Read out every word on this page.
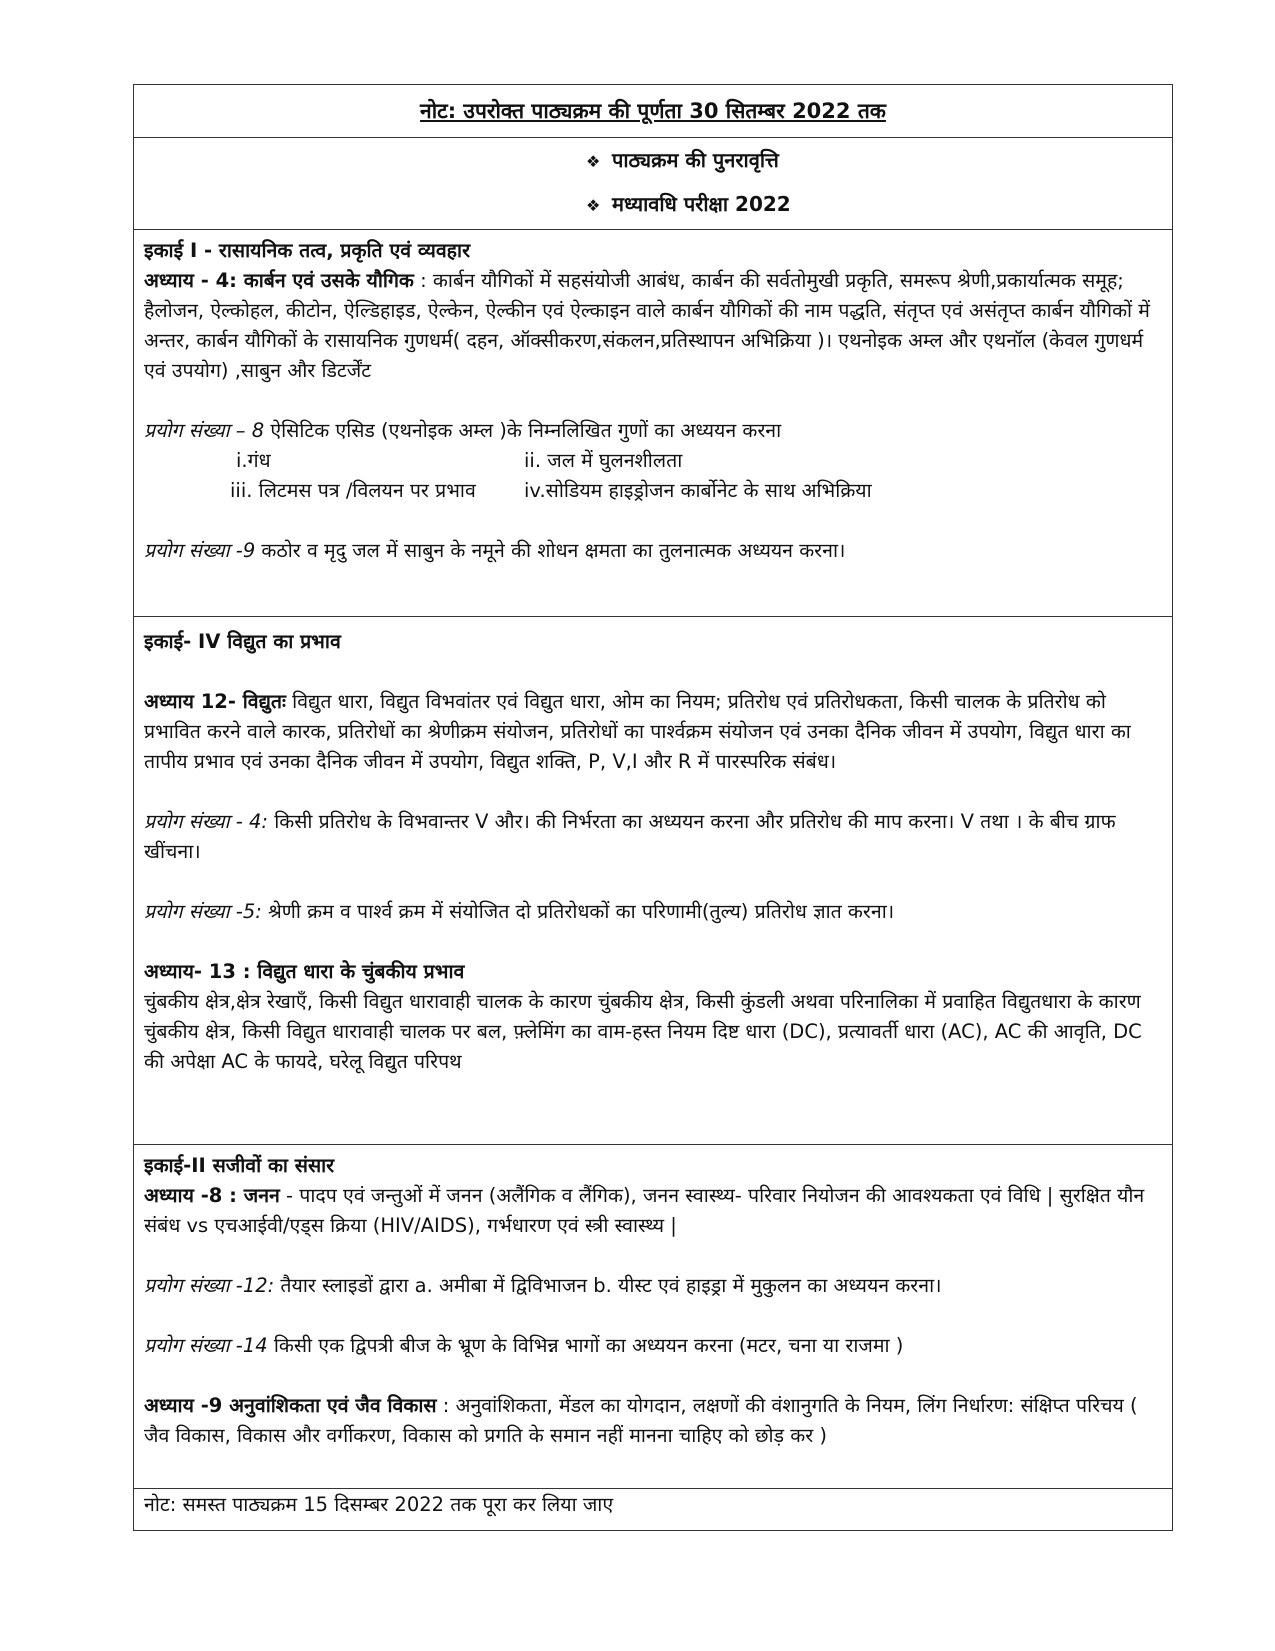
नोट: उपरोक्त पाठ्यक्रम की पूर्णता 30 सितम्बर 2022 तक
❖ पाठ्यक्रम की पुनरावृत्ति
❖ मध्यावधि परीक्षा 2022
इकाई I - रासायनिक तत्व, प्रकृति एवं व्यवहार
अध्याय - 4: कार्बन एवं उसके यौगिक : कार्बन यौगिकों में सहसंयोजी आबंध, कार्बन की सर्वतोमुखी प्रकृति, समरूप श्रेणी,प्रकार्यात्मक समूह; हैलोजन, ऐल्कोहल, कीटोन, ऐल्डिहाइड, ऐल्केन, ऐल्कीन एवं ऐल्काइन वाले कार्बन यौगिकों की नाम पद्धति, संतृप्त एवं असंतृप्त कार्बन यौगिकों में अन्तर, कार्बन यौगिकों के रासायनिक गुणधर्म( दहन, ऑक्सीकरण,संकलन,प्रतिस्थापन अभिक्रिया )। एथनोइक अम्ल और एथनॉल (केवल गुणधर्म एवं उपयोग) ,साबुन और डिटर्जेंट
प्रयोग संख्या – 8 ऐसिटिक एसिड (एथनोइक अम्ल )के निम्नलिखित गुणों का अध्ययन करना
i.गंध	ii. जल में घुलनशीलता
iii. लिटमस पत्र /विलयन पर प्रभाव	iv.सोडियम हाइड्रोजन कार्बोनेट के साथ अभिक्रिया
प्रयोग संख्या -9 कठोर व मृदु जल में साबुन के नमूने की शोधन क्षमता का तुलनात्मक अध्ययन करना।
इकाई- IV विद्युत का प्रभाव
अध्याय 12- विद्युतः विद्युत धारा, विद्युत विभवांतर एवं विद्युत धारा, ओम का नियम; प्रतिरोध एवं प्रतिरोधकता, किसी चालक के प्रतिरोध को प्रभावित करने वाले कारक, प्रतिरोधों का श्रेणीक्रम संयोजन, प्रतिरोधों का पार्श्वक्रम संयोजन एवं उनका दैनिक जीवन में उपयोग, विद्युत धारा का तापीय प्रभाव एवं उनका दैनिक जीवन में उपयोग, विद्युत शक्ति, P, V,I और R में पारस्परिक संबंध।
प्रयोग संख्या - 4: किसी प्रतिरोध के विभवान्तर V और। की निर्भरता का अध्ययन करना और प्रतिरोध की माप करना। V तथा । के बीच ग्राफ खींचना।
प्रयोग संख्या -5: श्रेणी क्रम व पार्श्व क्रम में संयोजित दो प्रतिरोधकों का परिणामी(तुल्य) प्रतिरोध ज्ञात करना।
अध्याय- 13 : विद्युत धारा के चुंबकीय प्रभाव
चुंबकीय क्षेत्र,क्षेत्र रेखाएँ, किसी विद्युत धारावाही चालक के कारण चुंबकीय क्षेत्र, किसी कुंडली अथवा परिनालिका में प्रवाहित विद्युतधारा के कारण चुंबकीय क्षेत्र, किसी विद्युत धारावाही चालक पर बल, फ़्लेमिंग का वाम-हस्त नियम दिष्ट धारा (DC), प्रत्यावर्ती धारा (AC), AC की आवृति, DC की अपेक्षा AC के फायदे, घरेलू विद्युत परिपथ
इकाई-II सजीवों का संसार
अध्याय -8 : जनन - पादप एवं जन्तुओं में जनन (अलैंगिक व लैंगिक), जनन स्वास्थ्य- परिवार नियोजन की आवश्यकता एवं विधि | सुरक्षित यौन संबंध vs एचआईवी/एड्स क्रिया (HIV/AIDS), गर्भधारण एवं स्त्री स्वास्थ्य |
प्रयोग संख्या -12: तैयार स्लाइडों द्वारा a. अमीबा में द्विविभाजन b. यीस्ट एवं हाइड्रा में मुकुलन का अध्ययन करना।
प्रयोग संख्या -14 किसी एक द्विपत्री बीज के भ्रूण के विभिन्न भागों का अध्ययन करना (मटर, चना या राजमा )
अध्याय -9 अनुवांशिकता एवं जैव विकास : अनुवांशिकता, मेंडल का योगदान, लक्षणों की वंशानुगति के नियम, लिंग निर्धारण: संक्षिप्त परिचय ( जैव विकास, विकास और वर्गीकरण, विकास को प्रगति के समान नहीं मानना चाहिए को छोड़ कर )
नोट: समस्त पाठ्यक्रम 15 दिसम्बर 2022 तक पूरा कर लिया जाए
